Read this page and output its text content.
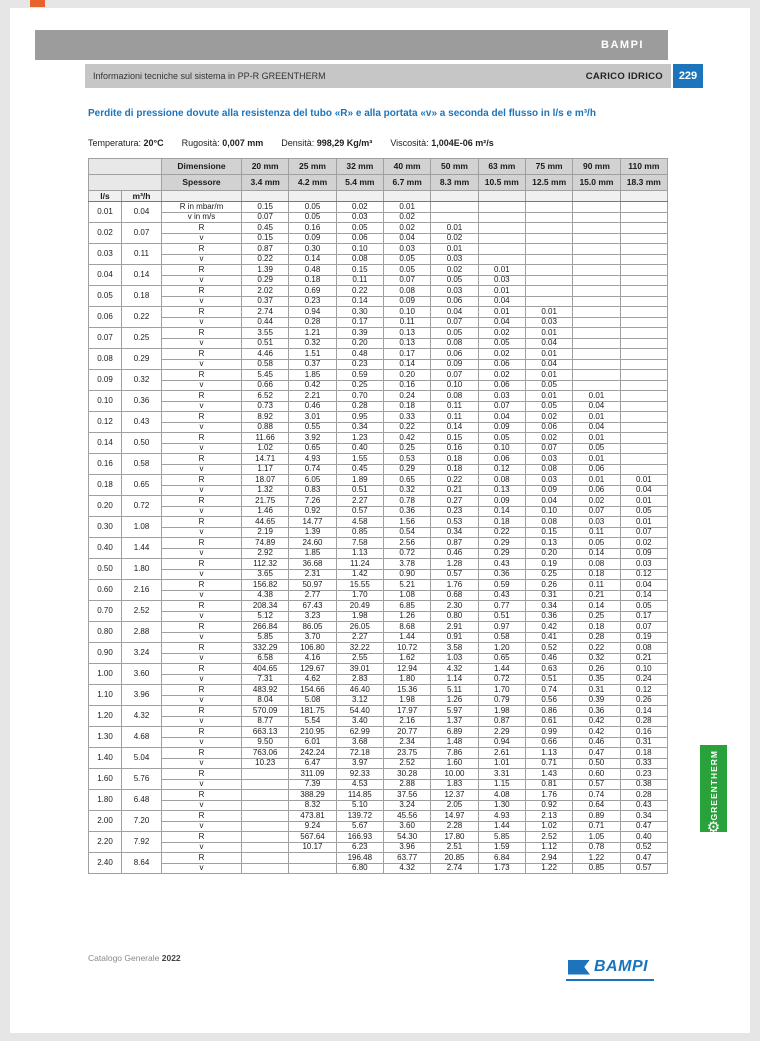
BAMPI
Informazioni tecniche sul sistema in PP-R GREENTHERM	CARICO IDRICO	229
Perdite di pressione dovute alla resistenza del tubo «R» e alla portata «v» a seconda del flusso in l/s e m³/h
Temperatura: 20°C Rugosità: 0,007 mm Densità: 998,29 Kg/m³ Viscosità: 1,004E-06 m²/s
		Dimensione	20 mm	25 mm	32 mm	40 mm	50 mm	63 mm	75 mm	90 mm	110 mm
		Spessore	3.4 mm	4.2 mm	5.4 mm	6.7 mm	8.3 mm	10.5 mm	12.5 mm	15.0 mm	18.3 mm
l/s	m³/h										
0.01	0.04	R in mbar/m	0.15	0.05	0.02	0.01					
		v in m/s	0.07	0.05	0.03	0.02					
0.02	0.07	R	0.45	0.16	0.05	0.02	0.01				
		v	0.15	0.09	0.06	0.04	0.02				
0.03	0.11	R	0.87	0.30	0.10	0.03	0.01				
		v	0.22	0.14	0.08	0.05	0.03				
0.04	0.14	R	1.39	0.48	0.15	0.05	0.02	0.01			
		v	0.29	0.18	0.11	0.07	0.05	0.03			
0.05	0.18	R	2.02	0.69	0.22	0.08	0.03	0.01			
		v	0.37	0.23	0.14	0.09	0.06	0.04			
0.06	0.22	R	2.74	0.94	0.30	0.10	0.04	0.01	0.01		
		v	0.44	0.28	0.17	0.11	0.07	0.04	0.03		
0.07	0.25	R	3.55	1.21	0.39	0.13	0.05	0.02	0.01		
		v	0.51	0.32	0.20	0.13	0.08	0.05	0.04		
0.08	0.29	R	4.46	1.51	0.48	0.17	0.06	0.02	0.01		
		v	0.58	0.37	0.23	0.14	0.09	0.06	0.04		
0.09	0.32	R	5.45	1.85	0.59	0.20	0.07	0.02	0.01		
		v	0.66	0.42	0.25	0.16	0.10	0.06	0.05		
0.10	0.36	R	6.52	2.21	0.70	0.24	0.08	0.03	0.01	0.01	
		v	0.73	0.46	0.28	0.18	0.11	0.07	0.05	0.04	
0.12	0.43	R	8.92	3.01	0.95	0.33	0.11	0.04	0.02	0.01	
		v	0.88	0.55	0.34	0.22	0.14	0.09	0.06	0.04	
0.14	0.50	R	11.66	3.92	1.23	0.42	0.15	0.05	0.02	0.01	
		v	1.02	0.65	0.40	0.25	0.16	0.10	0.07	0.05	
0.16	0.58	R	14.71	4.93	1.55	0.53	0.18	0.06	0.03	0.01	
		v	1.17	0.74	0.45	0.29	0.18	0.12	0.08	0.06	
0.18	0.65	R	18.07	6.05	1.89	0.65	0.22	0.08	0.03	0.01	0.01
		v	1.32	0.83	0.51	0.32	0.21	0.13	0.09	0.06	0.04
0.20	0.72	R	21.75	7.26	2.27	0.78	0.27	0.09	0.04	0.02	0.01
		v	1.46	0.92	0.57	0.36	0.23	0.14	0.10	0.07	0.05
0.30	1.08	R	44.65	14.77	4.58	1.56	0.53	0.18	0.08	0.03	0.01
		v	2.19	1.39	0.85	0.54	0.34	0.22	0.15	0.11	0.07
0.40	1.44	R	74.89	24.60	7.58	2.56	0.87	0.29	0.13	0.05	0.02
		v	2.92	1.85	1.13	0.72	0.46	0.29	0.20	0.14	0.09
0.50	1.80	R	112.32	36.68	11.24	3.78	1.28	0.43	0.19	0.08	0.03
		v	3.65	2.31	1.42	0.90	0.57	0.36	0.25	0.18	0.12
0.60	2.16	R	156.82	50.97	15.55	5.21	1.76	0.59	0.26	0.11	0.04
		v	4.38	2.77	1.70	1.08	0.68	0.43	0.31	0.21	0.14
0.70	2.52	R	208.34	67.43	20.49	6.85	2.30	0.77	0.34	0.14	0.05
		v	5.12	3.23	1.98	1.26	0.80	0.51	0.36	0.25	0.17
0.80	2.88	R	266.84	86.05	26.05	8.68	2.91	0.97	0.42	0.18	0.07
		v	5.85	3.70	2.27	1.44	0.91	0.58	0.41	0.28	0.19
0.90	3.24	R	332.29	106.80	32.22	10.72	3.58	1.20	0.52	0.22	0.08
		v	6.58	4.16	2.55	1.62	1.03	0.65	0.46	0.32	0.21
1.00	3.60	R	404.65	129.67	39.01	12.94	4.32	1.44	0.63	0.26	0.10
		v	7.31	4.62	2.83	1.80	1.14	0.72	0.51	0.35	0.24
1.10	3.96	R	483.92	154.66	46.40	15.36	5.11	1.70	0.74	0.31	0.12
		v	8.04	5.08	3.12	1.98	1.26	0.79	0.56	0.39	0.26
1.20	4.32	R	570.09	181.75	54.40	17.97	5.97	1.98	0.86	0.36	0.14
		v	8.77	5.54	3.40	2.16	1.37	0.87	0.61	0.42	0.28
1.30	4.68	R	663.13	210.95	62.99	20.77	6.89	2.29	0.99	0.42	0.16
		v	9.50	6.01	3.68	2.34	1.48	0.94	0.66	0.46	0.31
1.40	5.04	R	763.06	242.24	72.18	23.75	7.86	2.61	1.13	0.47	0.18
		v	10.23	6.47	3.97	2.52	1.60	1.01	0.71	0.50	0.33
1.60	5.76	R		311.09	92.33	30.28	10.00	3.31	1.43	0.60	0.23
		v		7.39	4.53	2.88	1.83	1.15	0.81	0.57	0.38
1.80	6.48	R		388.29	114.85	37.56	12.37	4.08	1.76	0.74	0.28
		v		8.32	5.10	3.24	2.05	1.30	0.92	0.64	0.43
2.00	7.20	R		473.81	139.72	45.56	14.97	4.93	2.13	0.89	0.34
		v		9.24	5.67	3.60	2.28	1.44	1.02	0.71	0.47
2.20	7.92	R		567.64	166.93	54.30	17.80	5.85	2.52	1.05	0.40
		v		10.17	6.23	3.96	2.51	1.59	1.12	0.78	0.52
2.40	8.64	R			196.48	63.77	20.85	6.84	2.94	1.22	0.47
		v			6.80	4.32	2.74	1.73	1.22	0.85	0.57
GREENTHERM
⚙
Catalogo Generale 2022	BAMPI
